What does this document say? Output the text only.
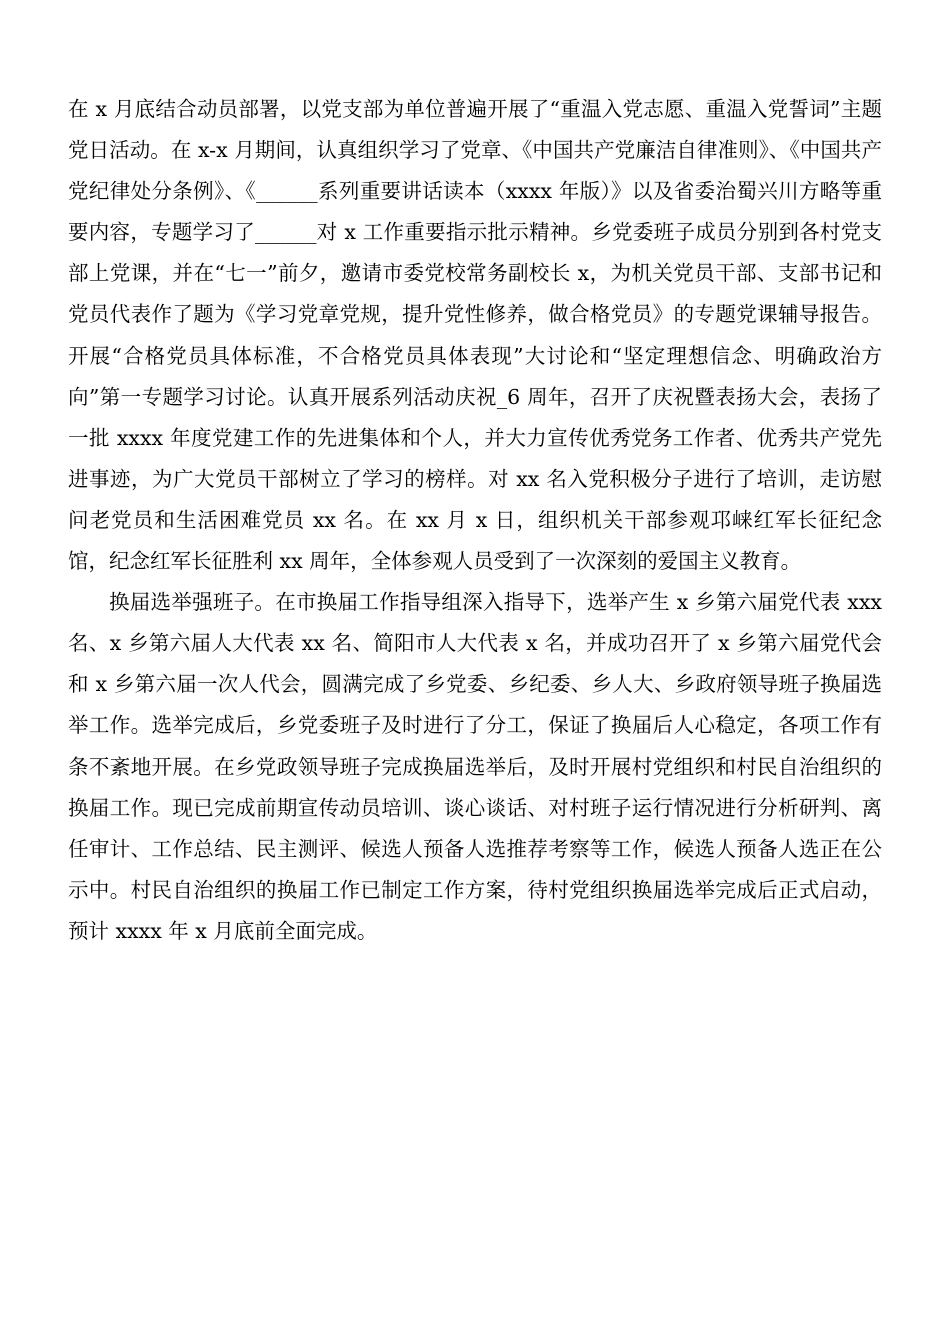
在 x 月底结合动员部署，以党支部为单位普遍开展了“重温入党志愿、重温入党誓词”主题党日活动。在 x-x 月期间，认真组织学习了党章、《中国共产党廉洁自律准则》、《中国共产党纪律处分条例》、《______系列重要讲话读本（xxxx 年版）》以及省委治蜀兴川方略等重要内容，专题学习了______对 x 工作重要指示批示精神。乡党委班子成员分别到各村党支部上党课，并在“七一”前夕，邀请市委党校常务副校长 x，为机关党员干部、支部书记和党员代表作了题为《学习党章党规，提升党性修养，做合格党员》的专题党课辅导报告。开展“合格党员具体标准，不合格党员具体表现”大讨论和“坚定理想信念、明确政治方向”第一专题学习讨论。认真开展系列活动庆祝_6 周年，召开了庆祝暨表扬大会，表扬了一批 xxxx 年度党建工作的先进集体和个人，并大力宣传优秀党务工作者、优秀共产党先进事迹，为广大党员干部树立了学习的榜样。对 xx 名入党积极分子进行了培训，走访慰问老党员和生活困难党员 xx 名。在 xx 月 x 日，组织机关干部参观邛崃红军长征纪念馆，纪念红军长征胜利 xx 周年，全体参观人员受到了一次深刻的爱国主义教育。

换届选举强班子。在市换届工作指导组深入指导下，选举产生 x 乡第六届党代表 xxx 名、x 乡第六届人大代表 xx 名、简阳市人大代表 x 名，并成功召开了 x 乡第六届党代会和 x 乡第六届一次人代会，圆满完成了乡党委、乡纪委、乡人大、乡政府领导班子换届选举工作。选举完成后，乡党委班子及时进行了分工，保证了换届后人心稳定，各项工作有条不紊地开展。在乡党政领导班子完成换届选举后，及时开展村党组织和村民自治组织的换届工作。现已完成前期宣传动员培训、谈心谈话、对村班子运行情况进行分析研判、离任审计、工作总结、民主测评、候选人预备人选推荐考察等工作，候选人预备人选正在公示中。村民自治组织的换届工作已制定工作方案，待村党组织换届选举完成后正式启动，预计 xxxx 年 x 月底前全面完成。
